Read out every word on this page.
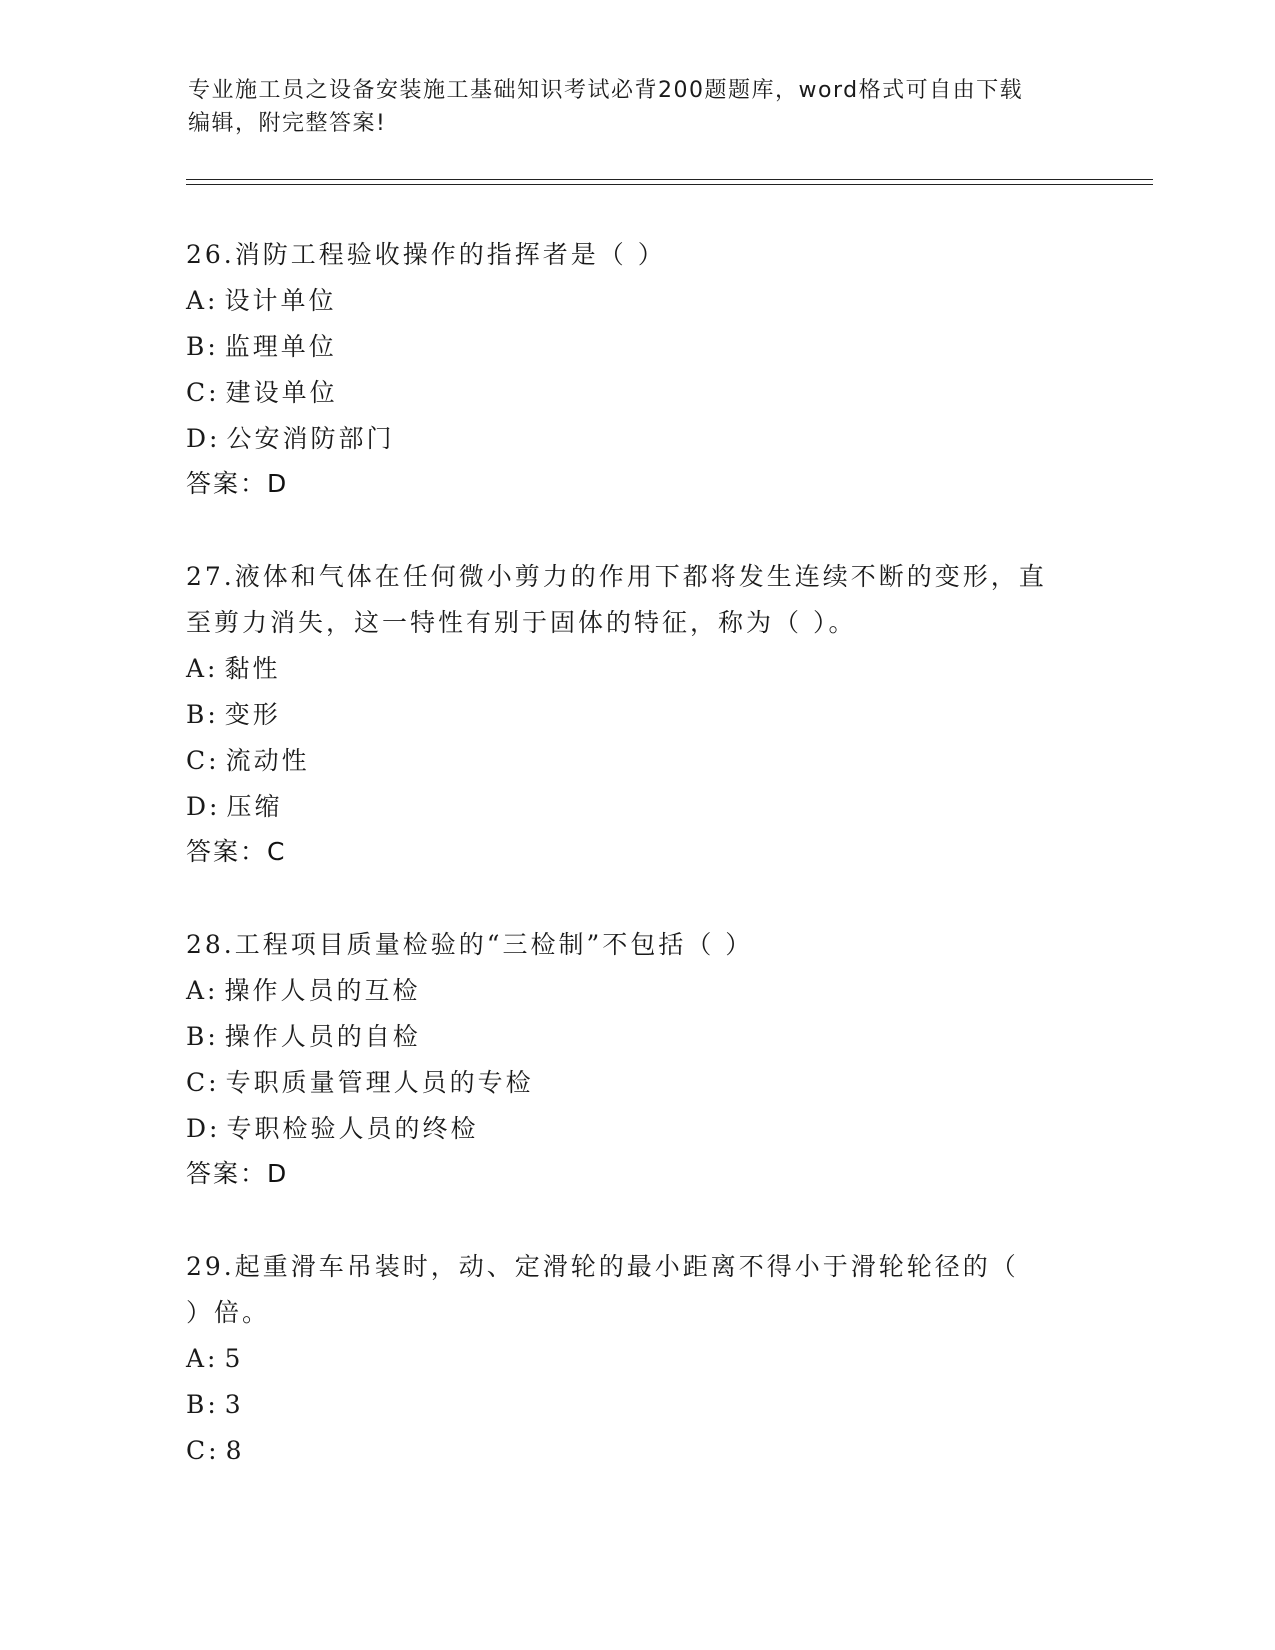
专业施工员之设备安装施工基础知识考试必背200题题库，word格式可自由下载
编辑，附完整答案!
26.消防工程验收操作的指挥者是（ ）
A: 设计单位
B: 监理单位
C: 建设单位
D: 公安消防部门
答案：D
27.液体和气体在任何微小剪力的作用下都将发生连续不断的变形，直
至剪力消失，这一特性有别于固体的特征，称为（ ）。
A: 黏性
B: 变形
C: 流动性
D: 压缩
答案：C
28.工程项目质量检验的“三检制”不包括（ ）
A: 操作人员的互检
B: 操作人员的自检
C: 专职质量管理人员的专检
D: 专职检验人员的终检
答案：D
29.起重滑车吊装时，动、定滑轮的最小距离不得小于滑轮轮径的（
）倍。
A: 5
B: 3
C: 8
